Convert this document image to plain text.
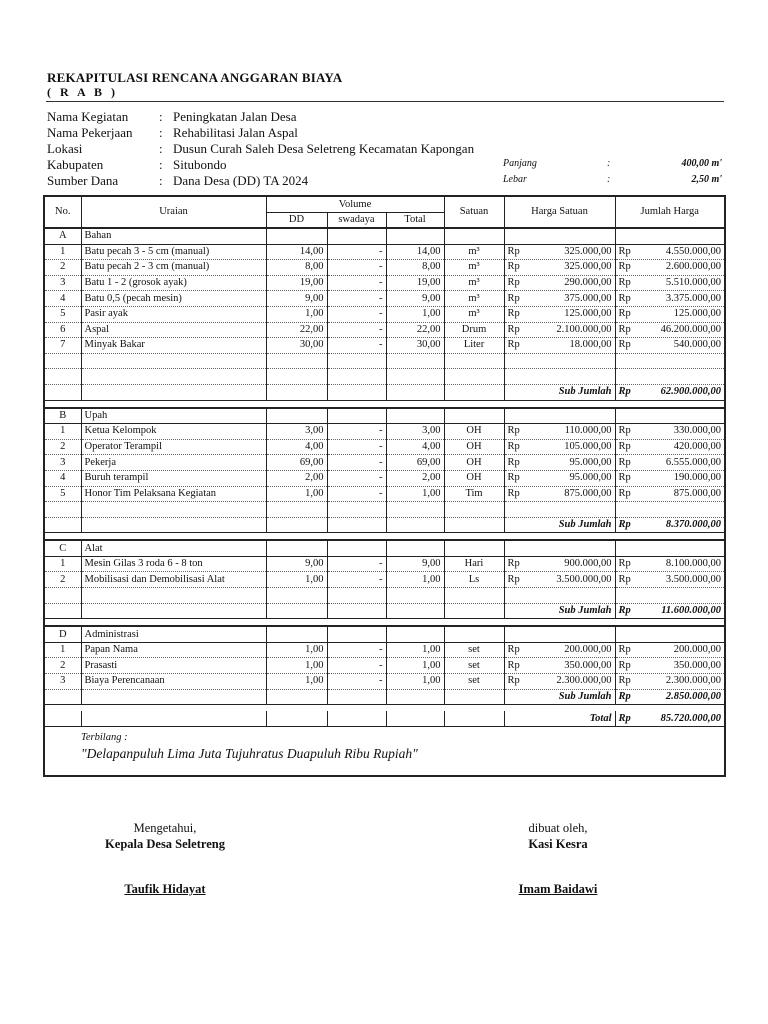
REKAPITULASI RENCANA ANGGARAN BIAYA
( R A B )
Nama Kegiatan : Peningkatan Jalan Desa
Nama Pekerjaan : Rehabilitasi Jalan Aspal
Lokasi	: Dusun Curah Saleh Desa Seletreng Kecamatan Kapongan
Kabupaten	: Situbondo	Panjang	:	400,00 m'
Sumber Dana	: Dana Desa (DD) TA 2024	Lebar	:	2,50 m'
No.	Uraian	Volume			Satuan	Harga Satuan	Jumlah Harga
		DD	swadaya	Total			
A	Bahan						
1	Batu pecah 3 - 5 cm (manual)	14,00	-	14,00	m³	Rp 325.000,00	Rp 4.550.000,00
2	Batu pecah 2 - 3 cm (manual)	8,00	-	8,00	m³	Rp 325.000,00	Rp 2.600.000,00
3	Batu 1 - 2 (grosok ayak)	19,00	-	19,00	m³	Rp 290.000,00	Rp 5.510.000,00
4	Batu 0,5 (pecah mesin)	9,00	-	9,00	m³	Rp 375.000,00	Rp 3.375.000,00
5	Pasir ayak	1,00	-	1,00	m³	Rp 125.000,00	Rp 125.000,00
6	Aspal	22,00	-	22,00	Drum	Rp 2.100.000,00	Rp 46.200.000,00
7	Minyak Bakar	30,00	-	30,00	Liter	Rp 18.000,00	Rp 540.000,00

						Sub Jumlah	Rp 62.900.000,00

B	Upah						
1	Ketua Kelompok	3,00	-	3,00	OH	Rp 110.000,00	Rp 330.000,00
2	Operator Terampil	4,00	-	4,00	OH	Rp 105.000,00	Rp 420.000,00
3	Pekerja	69,00	-	69,00	OH	Rp 95.000,00	Rp 6.555.000,00
4	Buruh terampil	2,00	-	2,00	OH	Rp 95.000,00	Rp 190.000,00
5	Honor Tim Pelaksana Kegiatan	1,00	-	1,00	Tim	Rp 875.000,00	Rp 875.000,00

						Sub Jumlah	Rp 8.370.000,00

C	Alat						
1	Mesin Gilas 3 roda 6 - 8 ton	9,00	-	9,00	Hari	Rp 900.000,00	Rp 8.100.000,00
2	Mobilisasi dan Demobilisasi Alat	1,00	-	1,00	Ls	Rp 3.500.000,00	Rp 3.500.000,00

						Sub Jumlah	Rp 11.600.000,00

D	Administrasi						
1	Papan Nama	1,00	-	1,00	set	Rp 200.000,00	Rp 200.000,00
2	Prasasti	1,00	-	1,00	set	Rp 350.000,00	Rp 350.000,00
3	Biaya Perencanaan	1,00	-	1,00	set	Rp 2.300.000,00	Rp 2.300.000,00
						Sub Jumlah	Rp 2.850.000,00

						Total	Rp 85.720.000,00

Terbilang :
"Delapanpuluh Lima Juta Tujuhratus Duapuluh Ribu Rupiah"							
Mengetahui,
Kepala Desa Seletreng
Taufik Hidayat
dibuat oleh,
Kasi Kesra
Imam Baidawi
